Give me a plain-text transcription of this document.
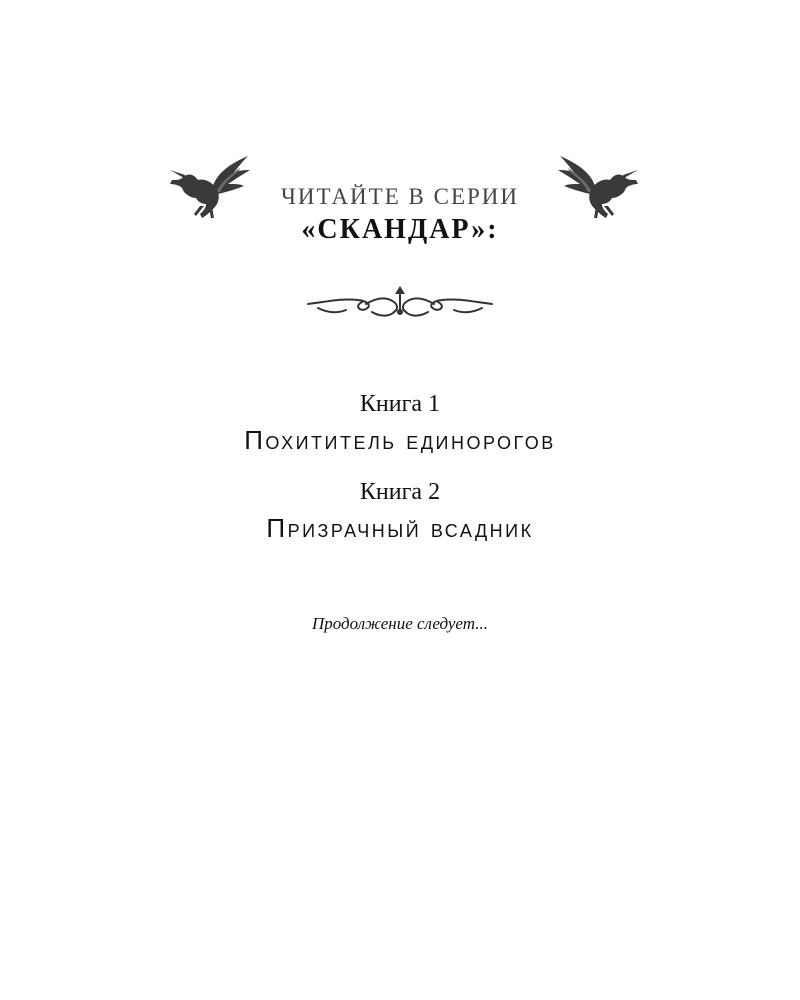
ЧИТАЙТЕ В СЕРИИ
«СКАНДАР»:
Книга 1
Похититель единорогов
Книга 2
Призрачный всадник
Продолжение следует...
